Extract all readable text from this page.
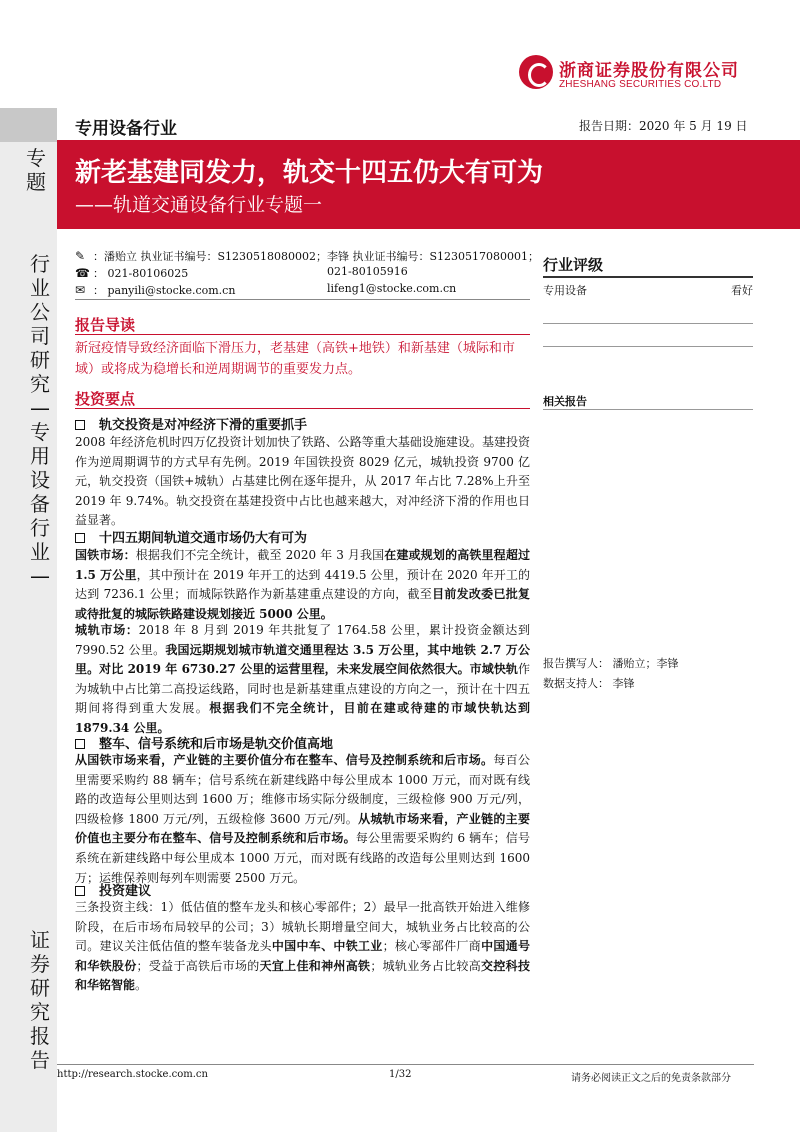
浙商证券股份有限公司
ZHESHANG SECURITIES CO.LTD
专题
行业公司研究—专用设备行业—
证券研究报告
专用设备行业	报告日期：2020 年 5 月 19 日
新老基建同发力，轨交十四五仍大有可为
——轨道交通设备行业专题一
✎ ：潘贻立 执业证书编号：S1230518080002；李锋 执业证书编号：S1230517080001；
☎ ： 021-80106025	021-80105916
✉ ： panyili@stocke.com.cn	lifeng1@stocke.com.cn
报告导读
新冠疫情导致经济面临下滑压力，老基建（高铁+地铁）和新基建（城际和市域）或将成为稳增长和逆周期调节的重要发力点。
投资要点
轨交投资是对冲经济下滑的重要抓手
2008 年经济危机时四万亿投资计划加快了铁路、公路等重大基础设施建设。基建投资作为逆周期调节的方式早有先例。2019 年国铁投资 8029 亿元，城轨投资 9700 亿元，轨交投资（国铁+城轨）占基建比例在逐年提升，从 2017 年占比 7.28%上升至 2019 年 9.74%。轨交投资在基建投资中占比也越来越大，对冲经济下滑的作用也日益显著。
十四五期间轨道交通市场仍大有可为
国铁市场：根据我们不完全统计，截至 2020 年 3 月我国在建或规划的高铁里程超过 1.5 万公里，其中预计在 2019 年开工的达到 4419.5 公里，预计在 2020 年开工的达到 7236.1 公里；而城际铁路作为新基建重点建设的方向，截至目前发改委已批复或待批复的城际铁路建设规划接近 5000 公里。
城轨市场：2018 年 8 月到 2019 年共批复了 1764.58 公里，累计投资金额达到 7990.52 公里。我国远期规划城市轨道交通里程达 3.5 万公里，其中地铁 2.7 万公里。对比 2019 年 6730.27 公里的运营里程，未来发展空间依然很大。市域快轨作为城轨中占比第二高投运线路，同时也是新基建重点建设的方向之一，预计在十四五期间将得到重大发展。根据我们不完全统计，目前在建或待建的市域快轨达到 1879.34 公里。
整车、信号系统和后市场是轨交价值高地
从国铁市场来看，产业链的主要价值分布在整车、信号及控制系统和后市场。每百公里需要采购约 88 辆车；信号系统在新建线路中每公里成本 1000 万元，而对既有线路的改造每公里则达到 1600 万；维修市场实际分级制度，三级检修 900 万元/列，四级检修 1800 万元/列，五级检修 3600 万元/列。从城轨市场来看，产业链的主要价值也主要分布在整车、信号及控制系统和后市场。每公里需要采购约 6 辆车；信号系统在新建线路中每公里成本 1000 万元，而对既有线路的改造每公里则达到 1600 万；运维保养则每列车则需要 2500 万元。
投资建议
三条投资主线：1）低估值的整车龙头和核心零部件；2）最早一批高铁开始进入维修阶段，在后市场布局较早的公司；3）城轨长期增量空间大，城轨业务占比较高的公司。建议关注低估值的整车装备龙头中国中车、中铁工业；核心零部件厂商中国通号和华铁股份；受益于高铁后市场的天宜上佳和神州高铁；城轨业务占比较高交控科技和华铭智能。
行业评级
专用设备	看好
相关报告
报告撰写人： 潘贻立；李锋
数据支持人： 李锋
http://research.stocke.com.cn	1/32	请务必阅读正文之后的免责条款部分
